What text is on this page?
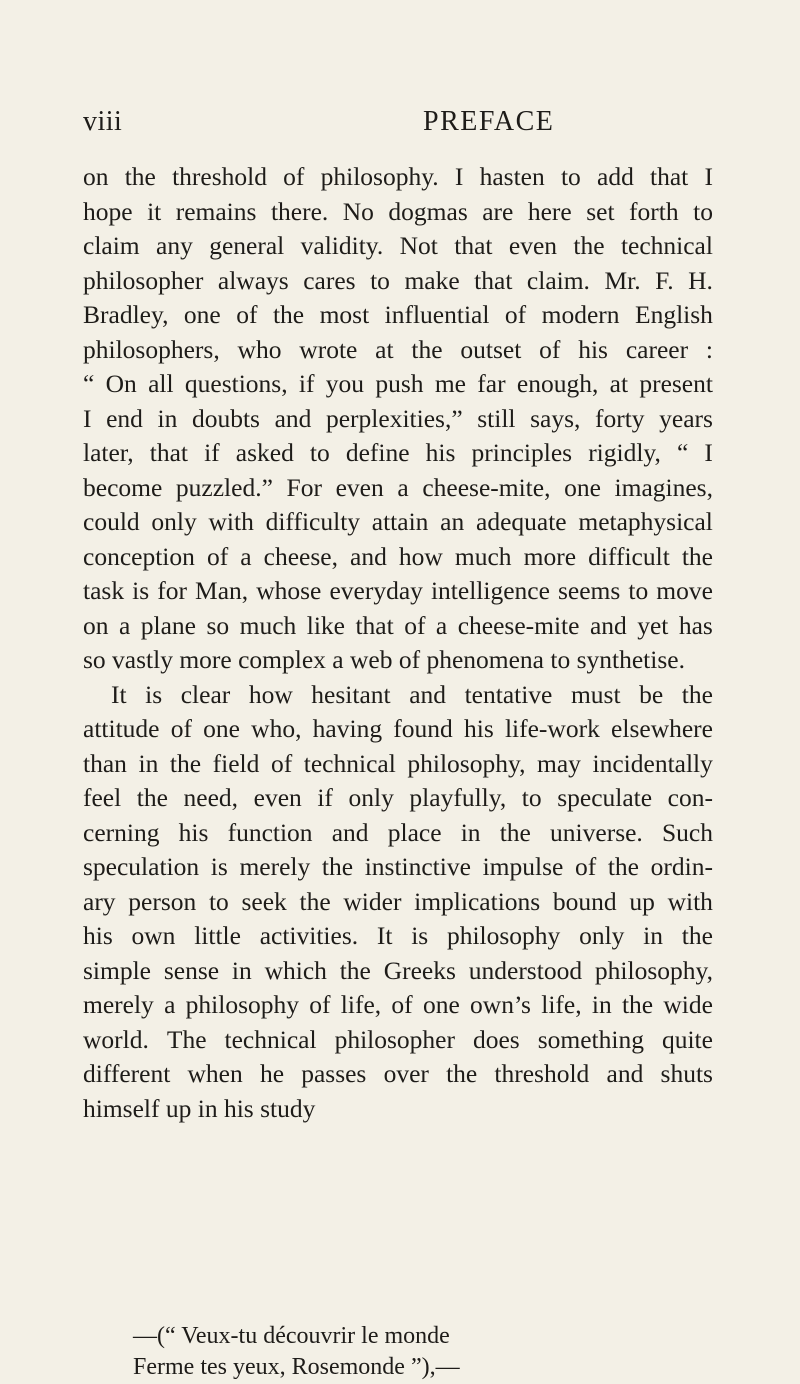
viii	PREFACE
on the threshold of philosophy. I hasten to add that I
hope it remains there. No dogmas are here set forth to
claim any general validity. Not that even the technical
philosopher always cares to make that claim. Mr. F. H.
Bradley, one of the most influential of modern English
philosophers, who wrote at the outset of his career :
“ On all questions, if you push me far enough, at present
I end in doubts and perplexities,” still says, forty years
later, that if asked to define his principles rigidly, “ I
become puzzled.” For even a cheese-mite, one imagines,
could only with difficulty attain an adequate metaphysical
conception of a cheese, and how much more difficult the
task is for Man, whose everyday intelligence seems to move
on a plane so much like that of a cheese-mite and yet has
so vastly more complex a web of phenomena to synthetise.
It is clear how hesitant and tentative must be the
attitude of one who, having found his life-work elsewhere
than in the field of technical philosophy, may incidentally
feel the need, even if only playfully, to speculate con-
cerning his function and place in the universe. Such
speculation is merely the instinctive impulse of the ordin-
ary person to seek the wider implications bound up with
his own little activities. It is philosophy only in the
simple sense in which the Greeks understood philosophy,
merely a philosophy of life, of one own’s life, in the wide
world. The technical philosopher does something quite
different when he passes over the threshold and shuts
himself up in his study
—(“ Veux-tu découvrir le monde
Ferme tes yeux, Rosemonde ”),—
